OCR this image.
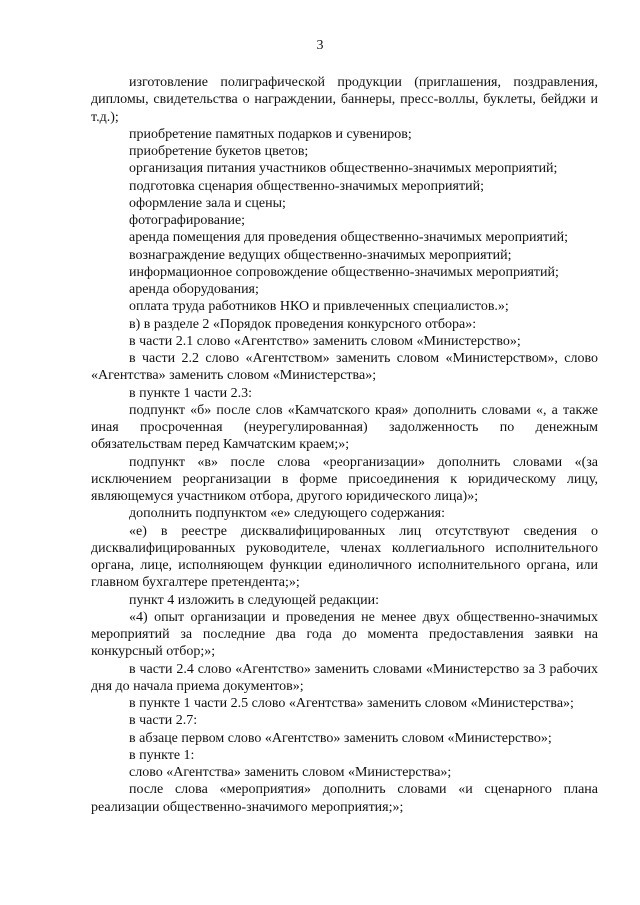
3

изготовление полиграфической продукции (приглашения, поздравления, дипломы, свидетельства о награждении, баннеры, пресс-воллы, буклеты, бейджи и т.д.);

приобретение памятных подарков и сувениров;

приобретение букетов цветов;

организация питания участников общественно-значимых мероприятий;

подготовка сценария общественно-значимых мероприятий;

оформление зала и сцены;

фотографирование;

аренда помещения для проведения общественно-значимых мероприятий;

вознаграждение ведущих общественно-значимых мероприятий;

информационное сопровождение общественно-значимых мероприятий;

аренда оборудования;

оплата труда работников НКО и привлеченных специалистов.»;

в) в разделе 2 «Порядок проведения конкурсного отбора»:

в части 2.1 слово «Агентство» заменить словом «Министерство»;

в части 2.2 слово «Агентством» заменить словом «Министерством», слово «Агентства» заменить словом «Министерства»;

в пункте 1 части 2.3:

подпункт «б» после слов «Камчатского края» дополнить словами «, а также иная просроченная (неурегулированная) задолженность по денежным обязательствам перед Камчатским краем;»;

подпункт «в» после слова «реорганизации» дополнить словами «(за исключением реорганизации в форме присоединения к юридическому лицу, являющемуся участником отбора, другого юридического лица)»;

дополнить подпунктом «е» следующего содержания:

«е) в реестре дисквалифицированных лиц отсутствуют сведения о дисквалифицированных руководителе, членах коллегиального исполнительного органа, лице, исполняющем функции единоличного исполнительного органа, или главном бухгалтере претендента;»;

пункт 4 изложить в следующей редакции:

«4) опыт организации и проведения не менее двух общественно-значимых мероприятий за последние два года до момента предоставления заявки на конкурсный отбор;»;

в части 2.4 слово «Агентство» заменить словами «Министерство за 3 рабочих дня до начала приема документов»;

в пункте 1 части 2.5 слово «Агентства» заменить словом «Министерства»;

в части 2.7:

в абзаце первом слово «Агентство» заменить словом «Министерство»;

в пункте 1:

слово «Агентства» заменить словом «Министерства»;

после слова «мероприятия» дополнить словами «и сценарного плана реализации общественно-значимого мероприятия;»;
